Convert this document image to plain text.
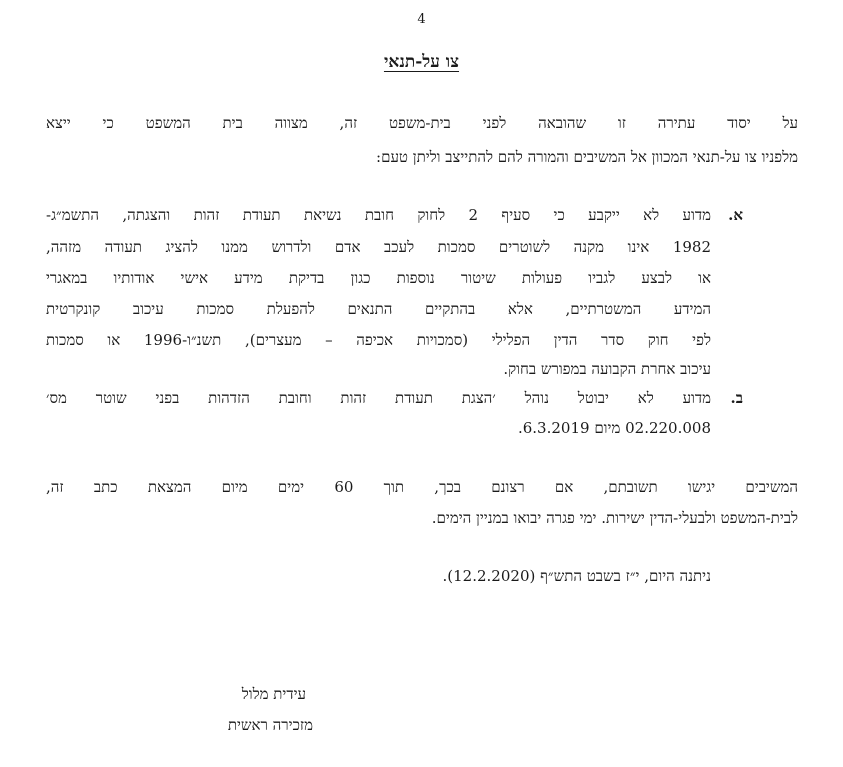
4
צו על-תנאי
על יסוד עתירה זו שהובאה לפני בית-משפט זה, מצווה בית המשפט כי ייצא
מלפניו צו על-תנאי המכוון אל המשיבים והמורה להם להתייצב וליתן טעם:
א.
מדוע לא ייקבע כי סעיף 2 לחוק חובת נשיאת תעודת זהות והצגתה, התשמ״ג-
1982 אינו מקנה לשוטרים סמכות לעכב אדם ולדרוש ממנו להציג תעודה מזהה,
או לבצע לגביו פעולות שיטור נוספות כגון בדיקת מידע אישי אודותיו במאגרי
המידע המשטרתיים, אלא בהתקיים התנאים להפעלת סמכות עיכוב קונקרטית
לפי חוק סדר הדין הפלילי (סמכויות אכיפה – מעצרים), תשנ״ו-1996 או סמכות
עיכוב אחרת הקבועה במפורש בחוק.
ב.
מדוע לא יבוטל נוהל ׳הצגת תעודת זהות וחובת הזדהות בפני שוטר מס׳
02.220.008 מיום 6.3.2019.
המשיבים יגישו תשובתם, אם רצונם בכך, תוך 60 ימים מיום המצאת כתב זה,
לבית-המשפט ולבעלי-הדין ישירות. ימי פגרה יבואו במניין הימים.
ניתנה היום, י״ז בשבט התש״ף (12.2.2020).
עידית מלול
מזכירה ראשית
